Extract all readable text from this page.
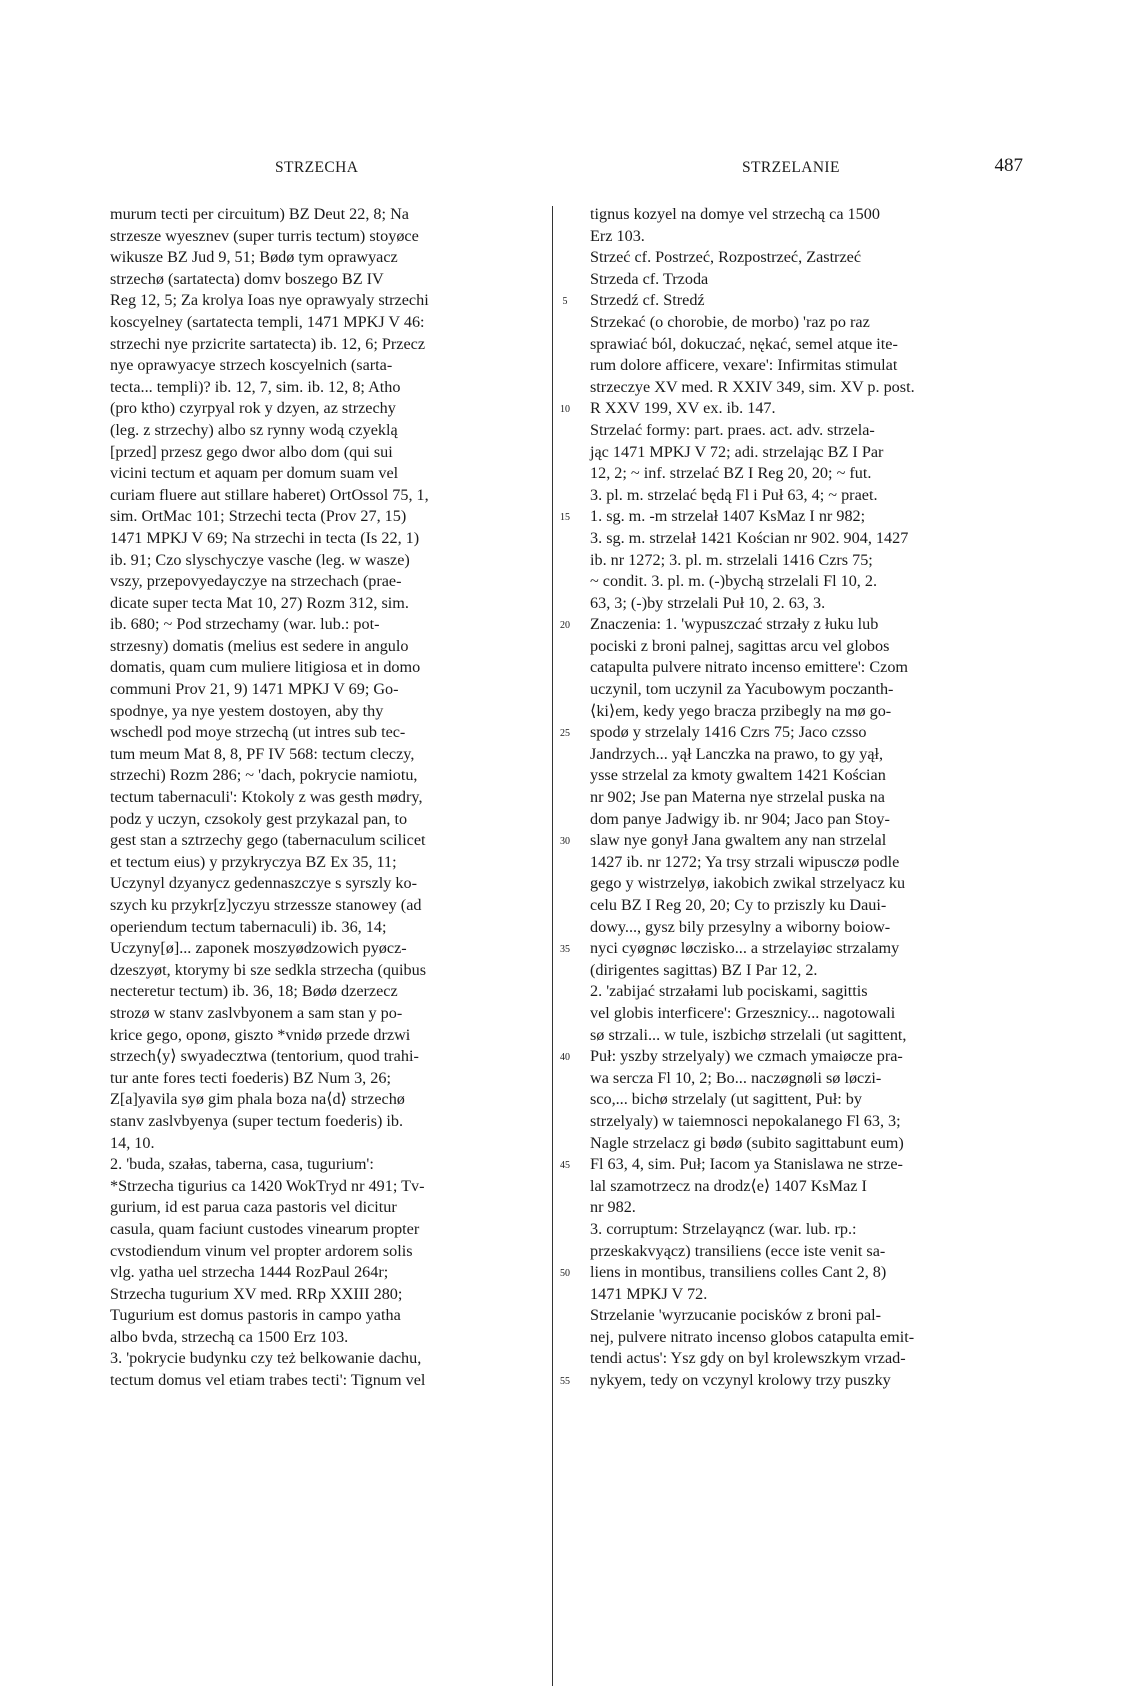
STRZECHA	STRZELANIE	487

murum tecti per circuitum) BZ Deut 22, 8; Na

strzesze wyesznev (super turris tectum) stoyøce

wikusze BZ Jud 9, 51; Bødø tym oprawyacz

strzechø (sartatecta) domv boszego BZ IV

Reg 12, 5; Za krolya Ioas nye oprawyaly strzechi

koscyelney (sartatecta templi, 1471 MPKJ V 46:

strzechi nye przicrite sartatecta) ib. 12, 6; Przecz

nye oprawyacye strzech koscyelnich (sarta-

tecta... templi)? ib. 12, 7, sim. ib. 12, 8; Atho

(pro ktho) czyrpyal rok y dzyen, az strzechy

(leg. z strzechy) albo sz rynny wodą czyeklą

[przed] przesz gego dwor albo dom (qui sui

vicini tectum et aquam per domum suam vel

curiam fluere aut stillare haberet) OrtOssol 75, 1,

sim. OrtMac 101; Strzechi tecta (Prov 27, 15)

1471 MPKJ V 69; Na strzechi in tecta (Is 22, 1)

ib. 91; Czo slyschyczye vasche (leg. w wasze)

vszy, przepovyedayczye na strzechach (prae-

dicate super tecta Mat 10, 27) Rozm 312, sim.

ib. 680; ~ Pod strzechamy (war. lub.: pot-

strzesny) domatis (melius est sedere in angulo

domatis, quam cum muliere litigiosa et in domo

communi Prov 21, 9) 1471 MPKJ V 69; Go-

spodnye, ya nye yestem dostoyen, aby thy

wschedl pod moye strzechą (ut intres sub tec-

tum meum Mat 8, 8, PF IV 568: tectum cleczy,

strzechi) Rozm 286; ~ 'dach, pokrycie namiotu,

tectum tabernaculi': Ktokoly z was gesth mødry,

podz y uczyn, czsokoly gest przykazal pan, to

gest stan a sztrzechy gego (tabernaculum scilicet

et tectum eius) y przykryczya BZ Ex 35, 11;

Uczynyl dzyanycz gedennaszczye s syrszly ko-

szych ku przykr[z]yczyu strzessze stanowey (ad

operiendum tectum tabernaculi) ib. 36, 14;

Uczyny[ø]... zaponek moszyødzowich pyøcz-

dzeszyøt, ktorymy bi sze sedkla strzecha (quibus

necteretur tectum) ib. 36, 18; Bødø dzerzecz

strozø w stanv zaslvbyonem a sam stan y po-

krice gego, oponø, giszto *vnidø przede drzwi

strzech⟨y⟩ swyadecztwa (tentorium, quod trahi-

tur ante fores tecti foederis) BZ Num 3, 26;

Z[a]yavila syø gim phala boza na⟨d⟩ strzechø

stanv zaslvbyenya (super tectum foederis) ib.

14, 10.

2. 'buda, szałas, taberna, casa, tugurium':

*Strzecha tigurius ca 1420 WokTryd nr 491; Tv-

gurium, id est parua caza pastoris vel dicitur

casula, quam faciunt custodes vinearum propter

cvstodiendum vinum vel propter ardorem solis

vlg. yatha uel strzecha 1444 RozPaul 264r;

Strzecha tugurium XV med. RRp XXIII 280;

Tugurium est domus pastoris in campo yatha

albo bvda, strzechą ca 1500 Erz 103.

3. 'pokrycie budynku czy też belkowanie dachu,

tectum domus vel etiam trabes tecti': Tignum vel

5
10
15
20
25
30
35
40
45
50
55

tignus kozyel na domye vel strzechą ca 1500

Erz 103.

Strzeć cf. Postrzeć, Rozpostrzeć, Zastrzeć

Strzeda cf. Trzoda

Strzedź cf. Stredź

Strzekać (o chorobie, de morbo) 'raz po raz

sprawiać ból, dokuczać, nękać, semel atque ite-

rum dolore afficere, vexare': Infirmitas stimulat

strzeczye XV med. R XXIV 349, sim. XV p. post.

R XXV 199, XV ex. ib. 147.

Strzelać formy: part. praes. act. adv. strzela-

jąc 1471 MPKJ V 72; adi. strzelając BZ I Par

12, 2; ~ inf. strzelać BZ I Reg 20, 20; ~ fut.

3. pl. m. strzelać będą Fl i Puł 63, 4; ~ praet.

1. sg. m. -m strzelał 1407 KsMaz I nr 982;

3. sg. m. strzelał 1421 Kościan nr 902. 904, 1427

ib. nr 1272; 3. pl. m. strzelali 1416 Czrs 75;

~ condit. 3. pl. m. (-)bychą strzelali Fl 10, 2.

63, 3; (-)by strzelali Puł 10, 2. 63, 3.

Znaczenia: 1. 'wypuszczać strzały z łuku lub

pociski z broni palnej, sagittas arcu vel globos

catapulta pulvere nitrato incenso emittere': Czom

uczynil, tom uczynil za Yacubowym poczanth-

⟨ki⟩em, kedy yego bracza przibegly na mø go-

spodø y strzelaly 1416 Czrs 75; Jaco czsso

Jandrzych... yął Lanczka na prawo, to gy yął,

ysse strzelal za kmoty gwaltem 1421 Kościan

nr 902; Jse pan Materna nye strzelal puska na

dom panye Jadwigy ib. nr 904; Jaco pan Stoy-

slaw nye gonył Jana gwaltem any nan strzelal

1427 ib. nr 1272; Ya trsy strzali wipusczø podle

gego y wistrzelyø, iakobich zwikal strzelyacz ku

celu BZ I Reg 20, 20; Cy to prziszly ku Daui-

dowy..., gysz bily przesylny a wiborny boiow-

nyci cyøgnøc løczisko... a strzelayiøc strzalamy

(dirigentes sagittas) BZ I Par 12, 2.

2. 'zabijać strzałami lub pociskami, sagittis

vel globis interficere': Grzesznicy... nagotowali

sø strzali... w tule, iszbichø strzelali (ut sagittent,

Puł: yszby strzelyaly) we czmach ymaiøcze pra-

wa sercza Fl 10, 2; Bo... naczøgnøli sø løczi-

sco,... bichø strzelaly (ut sagittent, Puł: by

strzelyaly) w taiemnosci nepokalanego Fl 63, 3;

Nagle strzelacz gi bødø (subito sagittabunt eum)

Fl 63, 4, sim. Puł; Iacom ya Stanislawa ne strze-

lal szamotrzecz na drodz⟨e⟩ 1407 KsMaz I

nr 982.

3. corruptum: Strzelayąncz (war. lub. rp.:

przeskakvyącz) transiliens (ecce iste venit sa-

liens in montibus, transiliens colles Cant 2, 8)

1471 MPKJ V 72.

Strzelanie 'wyrzucanie pocisków z broni pal-

nej, pulvere nitrato incenso globos catapulta emit-

tendi actus': Ysz gdy on byl krolewszkym vrzad-

nykyem, tedy on vczynyl krolowy trzy puszky
